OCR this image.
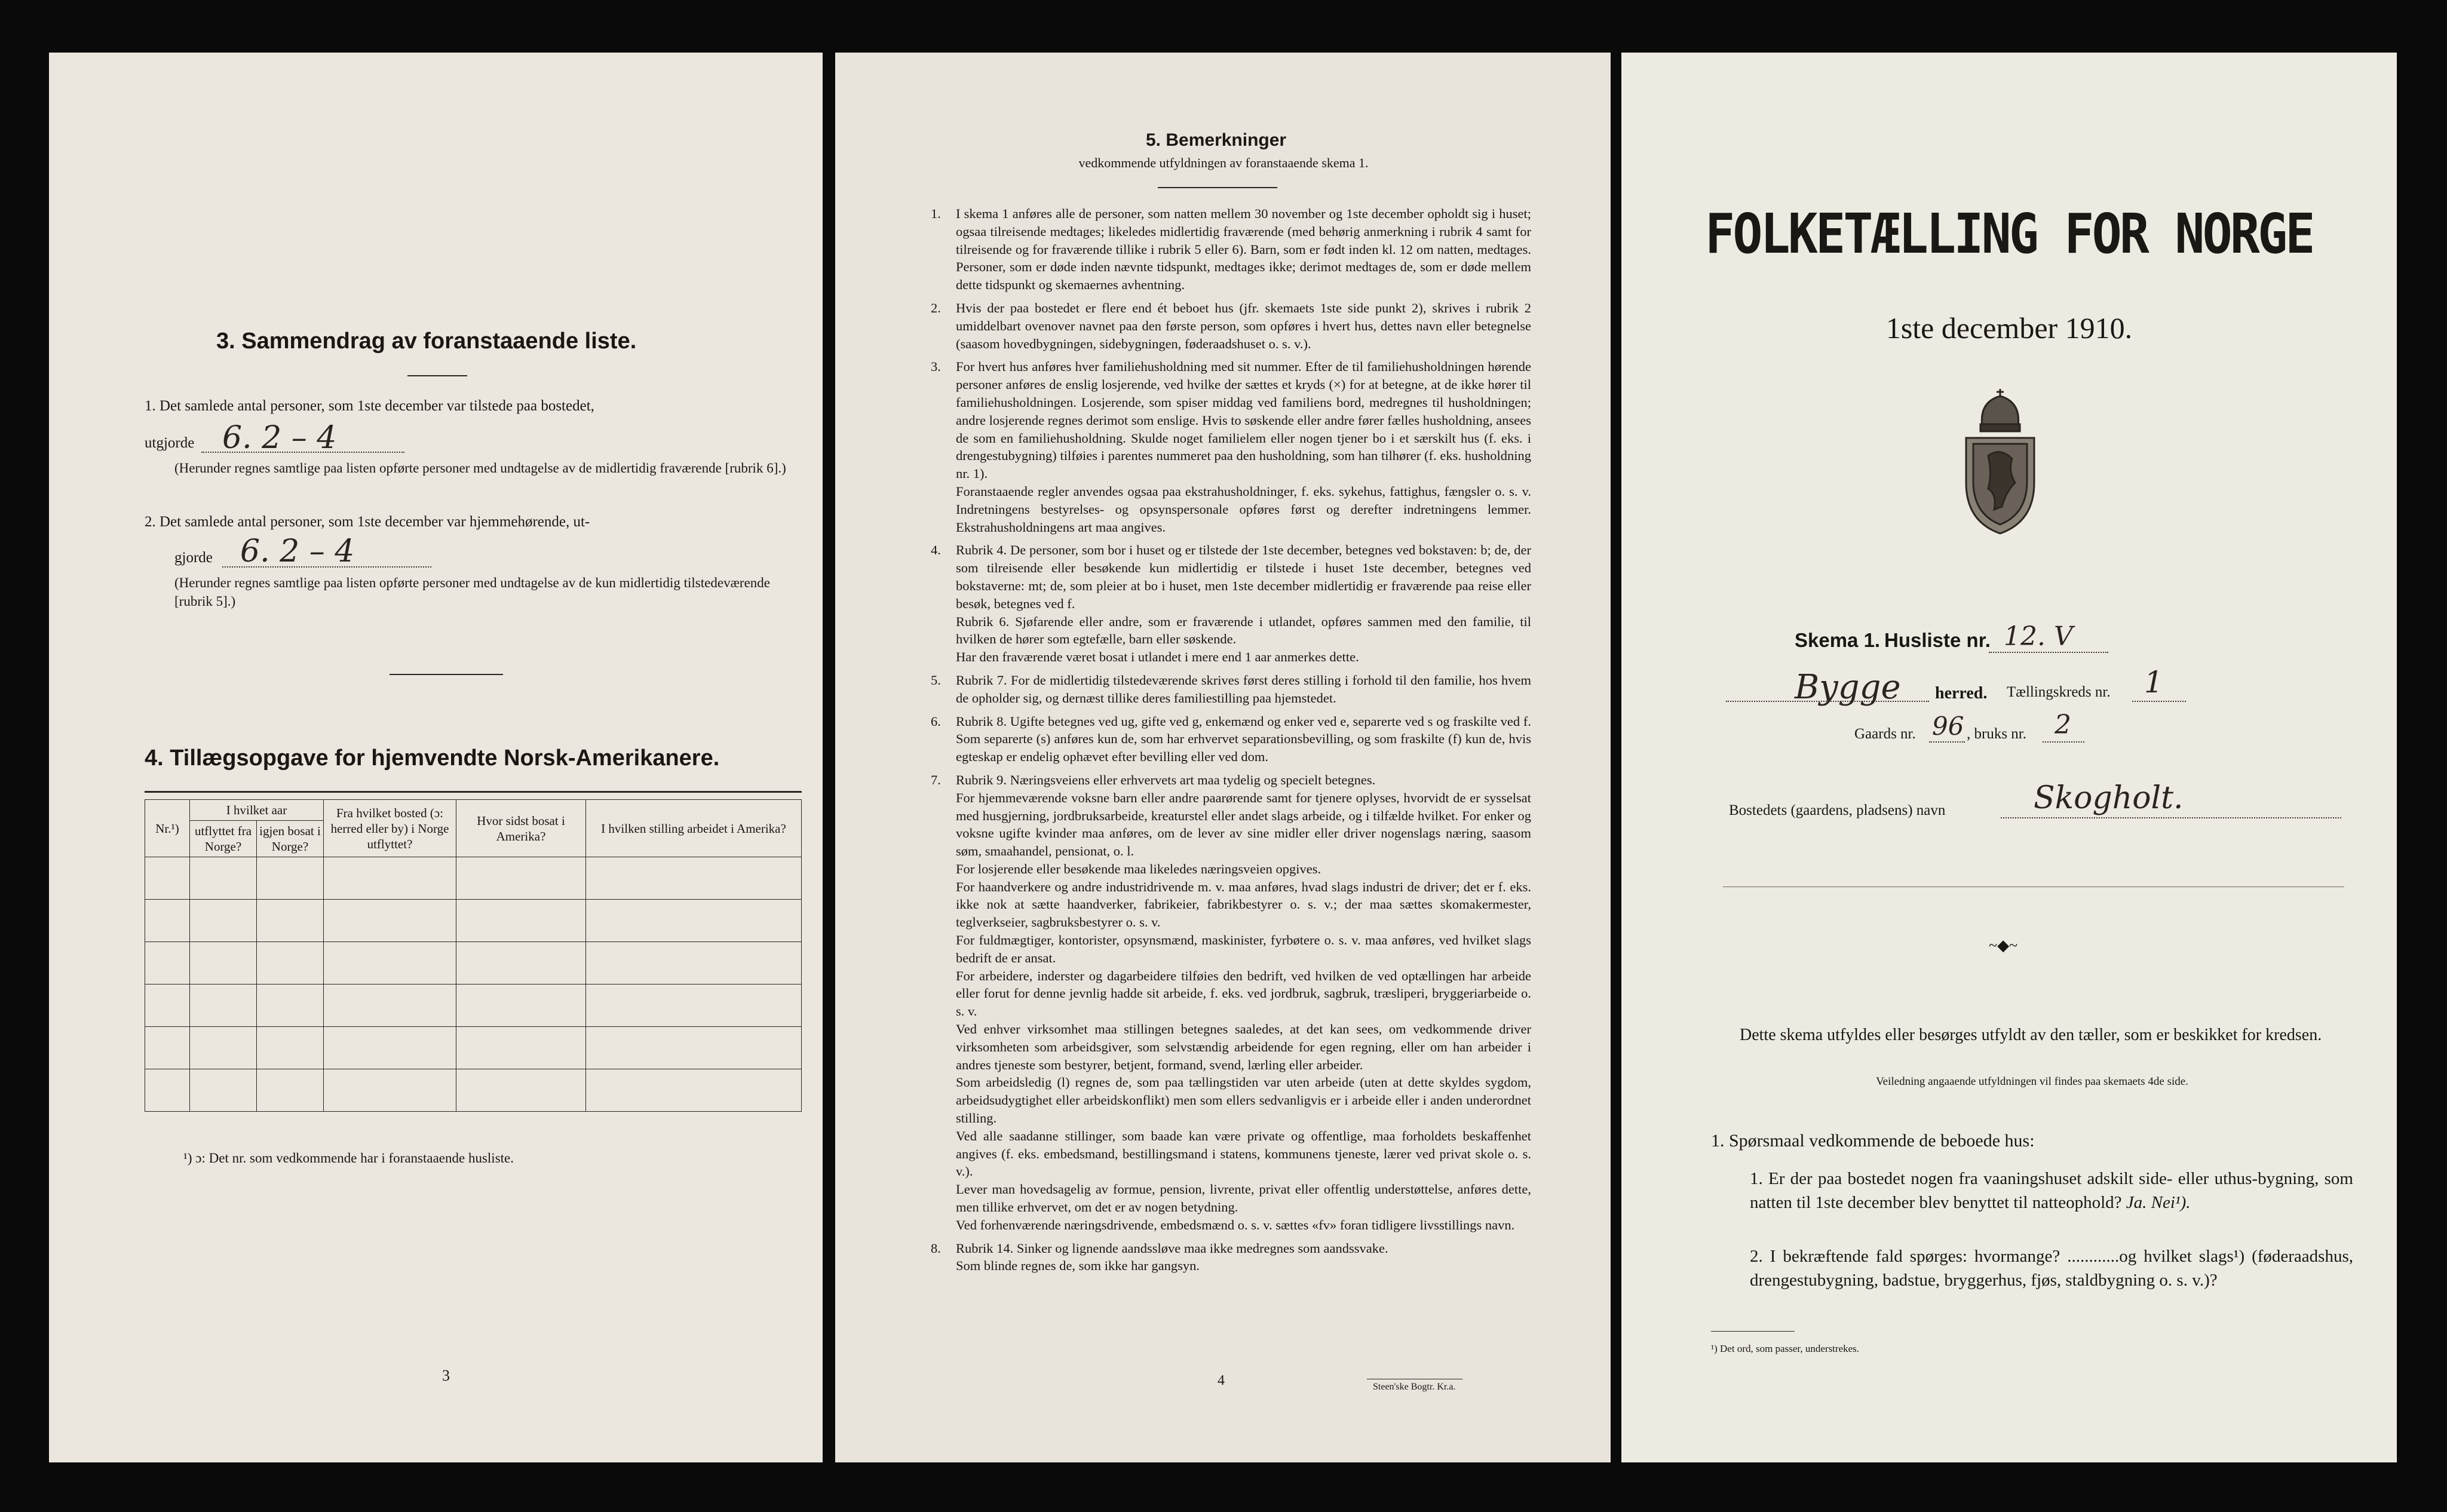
3. Sammendrag av foranstaaende liste.
1. Det samlede antal personer, som 1ste december var tilstede paa bostedet,
utgjorde 6. 2 – 4
(Herunder regnes samtlige paa listen opførte personer med undtagelse av de midlertidig fraværende [rubrik 6].)
2. Det samlede antal personer, som 1ste december var hjemmehørende, ut-
gjorde 6. 2 – 4
(Herunder regnes samtlige paa listen opførte personer med undtagelse av de kun midlertidig tilstedeværende [rubrik 5].)
4. Tillægsopgave for hjemvendte Norsk-Amerikanere.
Nr.¹)	I hvilket aar		Fra hvilket bosted (ɔ: herred eller by) i Norge utflyttet?	Hvor sidst bosat i Amerika?	I hvilken stilling arbeidet i Amerika?
	utflyttet fra Norge?	igjen bosat i Norge?			

¹) ɔ: Det nr. som vedkommende har i foranstaaende husliste.
3
5. Bemerkninger
vedkommende utfyldningen av foranstaaende skema 1.
1. I skema 1 anføres alle de personer, som natten mellem 30 november og 1ste december opholdt sig i huset; ogsaa tilreisende medtages; likeledes midlertidig fraværende (med behørig anmerkning i rubrik 4 samt for tilreisende og for fraværende tillike i rubrik 5 eller 6). Barn, som er født inden kl. 12 om natten, medtages. Personer, som er døde inden nævnte tidspunkt, medtages ikke; derimot medtages de, som er døde mellem dette tidspunkt og skemaernes avhentning.
2. Hvis der paa bostedet er flere end ét beboet hus (jfr. skemaets 1ste side punkt 2), skrives i rubrik 2 umiddelbart ovenover navnet paa den første person, som opføres i hvert hus, dettes navn eller betegnelse (saasom hovedbygningen, sidebygningen, føderaadshuset o. s. v.).
3. For hvert hus anføres hver familiehusholdning med sit nummer. Efter de til familiehusholdningen hørende personer anføres de enslig losjerende, ved hvilke der sættes et kryds (×) for at betegne, at de ikke hører til familiehusholdningen. Losjerende, som spiser middag ved familiens bord, medregnes til husholdningen; andre losjerende regnes derimot som enslige. Hvis to søskende eller andre fører fælles husholdning, ansees de som en familiehusholdning. Skulde noget familielem eller nogen tjener bo i et særskilt hus (f. eks. i drengestubygning) tilføies i parentes nummeret paa den husholdning, som han tilhører (f. eks. husholdning nr. 1).
Foranstaaende regler anvendes ogsaa paa ekstrahusholdninger, f. eks. sykehus, fattighus, fængsler o. s. v. Indretningens bestyrelses- og opsynspersonale opføres først og derefter indretningens lemmer. Ekstrahusholdningens art maa angives.
4. Rubrik 4. De personer, som bor i huset og er tilstede der 1ste december, betegnes ved bokstaven: b; de, der som tilreisende eller besøkende kun midlertidig er tilstede i huset 1ste december, betegnes ved bokstaverne: mt; de, som pleier at bo i huset, men 1ste december midlertidig er fraværende paa reise eller besøk, betegnes ved f.
Rubrik 6. Sjøfarende eller andre, som er fraværende i utlandet, opføres sammen med den familie, til hvilken de hører som egtefælle, barn eller søskende.
Har den fraværende været bosat i utlandet i mere end 1 aar anmerkes dette.
5. Rubrik 7. For de midlertidig tilstedeværende skrives først deres stilling i forhold til den familie, hos hvem de opholder sig, og dernæst tillike deres familiestilling paa hjemstedet.
6. Rubrik 8. Ugifte betegnes ved ug, gifte ved g, enkemænd og enker ved e, separerte ved s og fraskilte ved f. Som separerte (s) anføres kun de, som har erhvervet separationsbevilling, og som fraskilte (f) kun de, hvis egteskap er endelig ophævet efter bevilling eller ved dom.
7. Rubrik 9. Næringsveiens eller erhvervets art maa tydelig og specielt betegnes.
For hjemmeværende voksne barn eller andre paarørende samt for tjenere oplyses, hvorvidt de er sysselsat med husgjerning, jordbruksarbeide, kreaturstel eller andet slags arbeide, og i tilfælde hvilket. For enker og voksne ugifte kvinder maa anføres, om de lever av sine midler eller driver nogenslags næring, saasom søm, smaahandel, pensionat, o. l.
For losjerende eller besøkende maa likeledes næringsveien opgives.
For haandverkere og andre industridrivende m. v. maa anføres, hvad slags industri de driver; det er f. eks. ikke nok at sætte haandverker, fabrikeier, fabrikbestyrer o. s. v.; der maa sættes skomakermester, teglverkseier, sagbruksbestyrer o. s. v.
For fuldmægtiger, kontorister, opsynsmænd, maskinister, fyrbøtere o. s. v. maa anføres, ved hvilket slags bedrift de er ansat.
For arbeidere, inderster og dagarbeidere tilføies den bedrift, ved hvilken de ved optællingen har arbeide eller forut for denne jevnlig hadde sit arbeide, f. eks. ved jordbruk, sagbruk, træsliperi, bryggeriarbeide o. s. v.
Ved enhver virksomhet maa stillingen betegnes saaledes, at det kan sees, om vedkommende driver virksomheten som arbeidsgiver, som selvstændig arbeidende for egen regning, eller om han arbeider i andres tjeneste som bestyrer, betjent, formand, svend, lærling eller arbeider.
Som arbeidsledig (l) regnes de, som paa tællingstiden var uten arbeide (uten at dette skyldes sygdom, arbeidsudygtighet eller arbeidskonflikt) men som ellers sedvanligvis er i arbeide eller i anden underordnet stilling.
Ved alle saadanne stillinger, som baade kan være private og offentlige, maa forholdets beskaffenhet angives (f. eks. embedsmand, bestillingsmand i statens, kommunens tjeneste, lærer ved privat skole o. s. v.).
Lever man hovedsagelig av formue, pension, livrente, privat eller offentlig understøttelse, anføres dette, men tillike erhvervet, om det er av nogen betydning.
Ved forhenværende næringsdrivende, embedsmænd o. s. v. sættes «fv» foran tidligere livsstillings navn.
8. Rubrik 14. Sinker og lignende aandssløve maa ikke medregnes som aandssvake.
Som blinde regnes de, som ikke har gangsyn.
4	Steen'ske Bogtr. Kr.a.
FOLKETÆLLING FOR NORGE
1ste december 1910.
Skema 1. Husliste nr. 12. V
Bygge herred. Tællingskreds nr. 1
Gaards nr. 96 , bruks nr. 2
Bostedets (gaardens, pladsens) navn	Skogholt.
~◆~
Dette skema utfyldes eller besørges utfyldt av den tæller, som er beskikket for kredsen.
Veiledning angaaende utfyldningen vil findes paa skemaets 4de side.
1. Spørsmaal vedkommende de beboede hus:
1. Er der paa bostedet nogen fra vaaningshuset adskilt side- eller uthus-bygning, som natten til 1ste december blev benyttet til natteophold? Ja. Nei¹).
2. I bekræftende fald spørges: hvormange? ............og hvilket slags¹) (føderaadshus, drengestubygning, badstue, bryggerhus, fjøs, staldbygning o. s. v.)?
¹) Det ord, som passer, understrekes.
